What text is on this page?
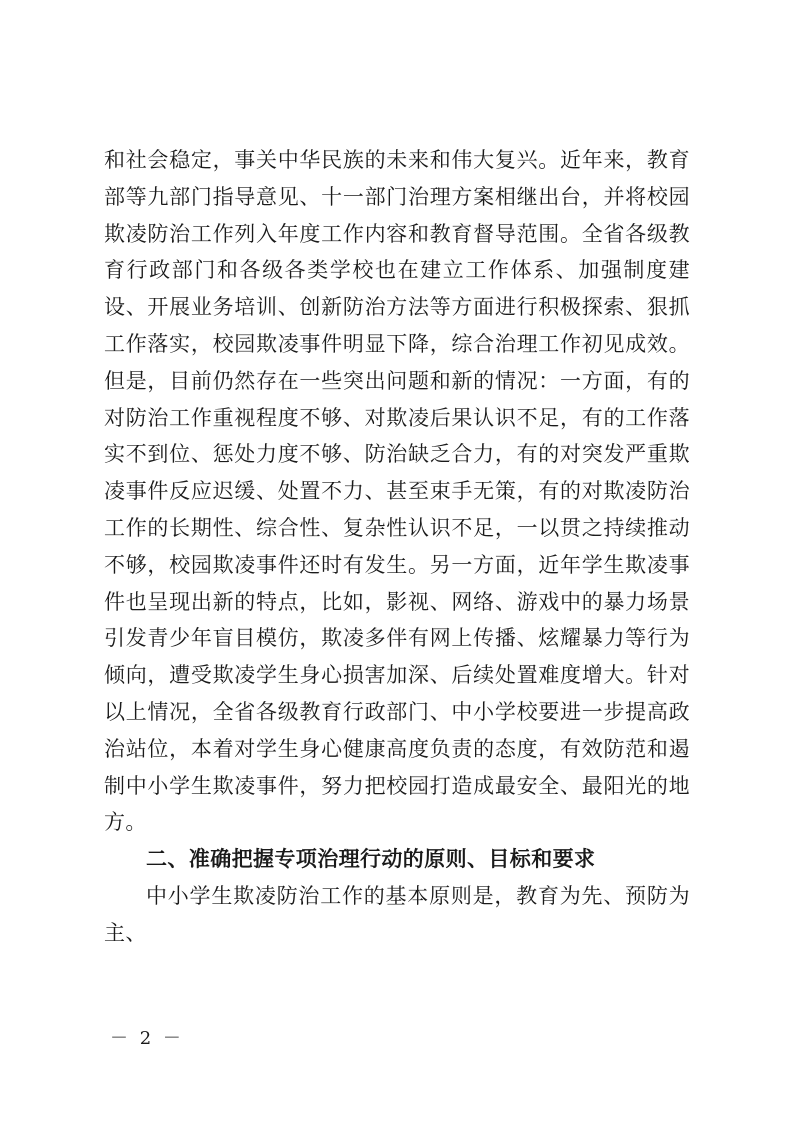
和社会稳定，事关中华民族的未来和伟大复兴。近年来，教育部等九部门指导意见、十一部门治理方案相继出台，并将校园欺凌防治工作列入年度工作内容和教育督导范围。全省各级教育行政部门和各级各类学校也在建立工作体系、加强制度建设、开展业务培训、创新防治方法等方面进行积极探索、狠抓工作落实，校园欺凌事件明显下降，综合治理工作初见成效。但是，目前仍然存在一些突出问题和新的情况：一方面，有的对防治工作重视程度不够、对欺凌后果认识不足，有的工作落实不到位、惩处力度不够、防治缺乏合力，有的对突发严重欺凌事件反应迟缓、处置不力、甚至束手无策，有的对欺凌防治工作的长期性、综合性、复杂性认识不足，一以贯之持续推动不够，校园欺凌事件还时有发生。另一方面，近年学生欺凌事件也呈现出新的特点，比如，影视、网络、游戏中的暴力场景引发青少年盲目模仿，欺凌多伴有网上传播、炫耀暴力等行为倾向，遭受欺凌学生身心损害加深、后续处置难度增大。针对以上情况，全省各级教育行政部门、中小学校要进一步提高政治站位，本着对学生身心健康高度负责的态度，有效防范和遏制中小学生欺凌事件，努力把校园打造成最安全、最阳光的地方。

二、准确把握专项治理行动的原则、目标和要求

中小学生欺凌防治工作的基本原则是，教育为先、预防为主、

－ 2 －
